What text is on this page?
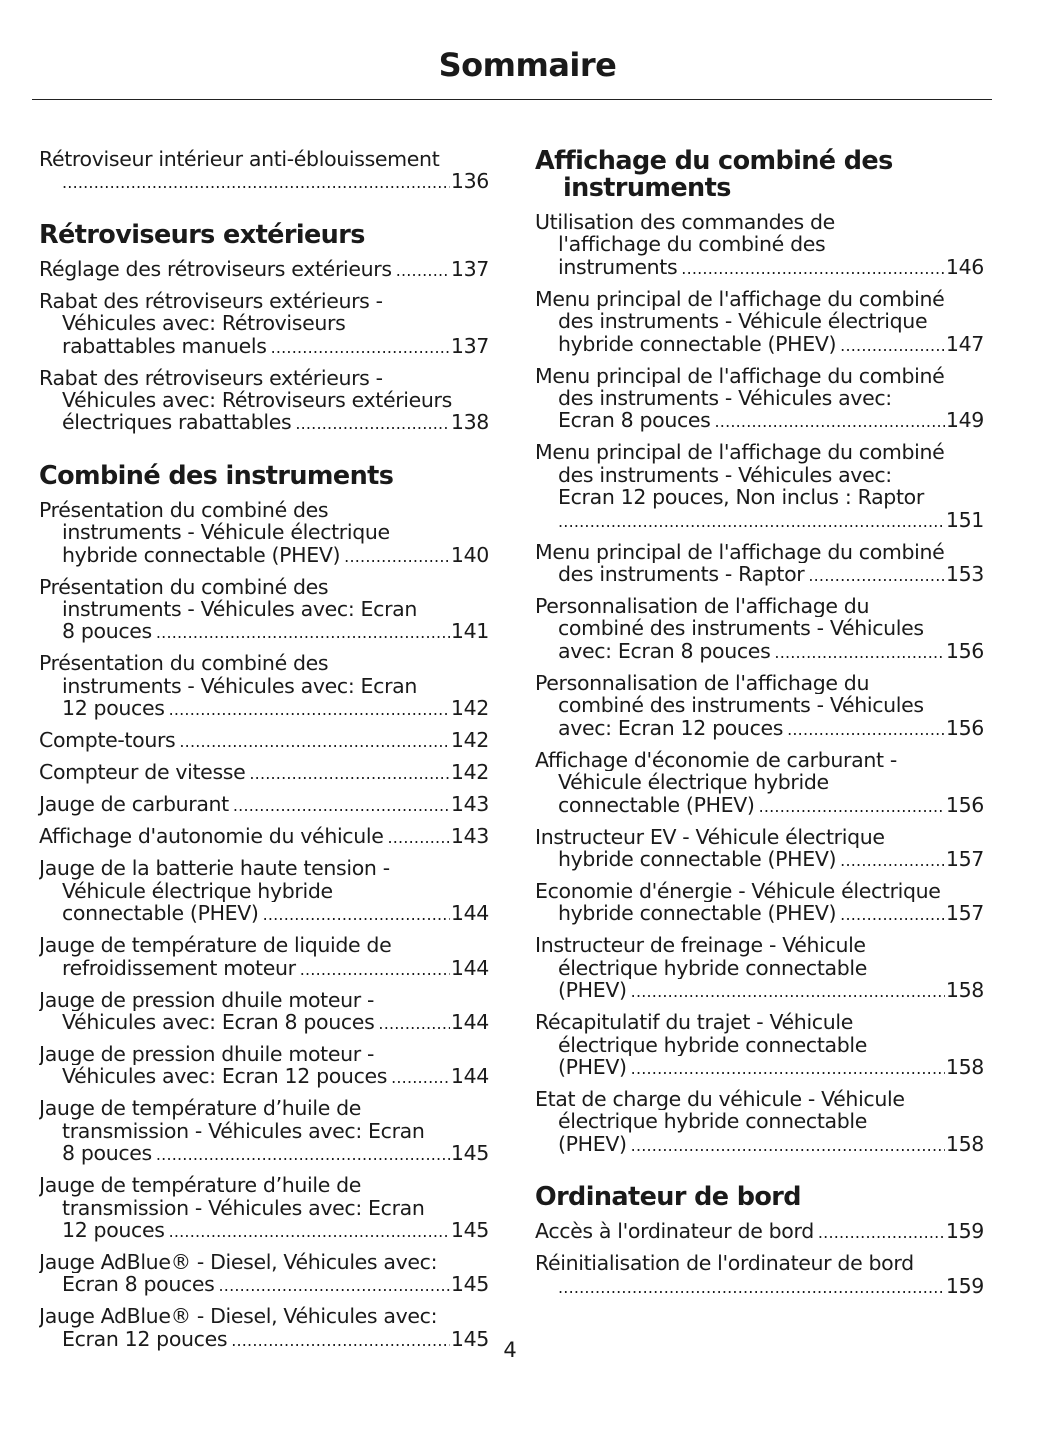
Sommaire
Rétroviseur intérieur anti-éblouissement
.....
136
Rétroviseurs extérieurs
Réglage des rétroviseurs extérieurs .....	137
Rabat des rétroviseurs extérieurs -
Véhicules avec: Rétroviseurs
rabattables manuels .....	137
Rabat des rétroviseurs extérieurs -
Véhicules avec: Rétroviseurs extérieurs
électriques rabattables .....	138
Combiné des instruments
Présentation du combiné des
instruments - Véhicule électrique
hybride connectable (PHEV) .....	140
Présentation du combiné des
instruments - Véhicules avec: Ecran
8 pouces .....	141
Présentation du combiné des
instruments - Véhicules avec: Ecran
12 pouces .....	142
Compte-tours .....	142
Compteur de vitesse .....	142
Jauge de carburant .....	143
Affichage d'autonomie du véhicule .....	143
Jauge de la batterie haute tension -
Véhicule électrique hybride
connectable (PHEV) .....	144
Jauge de température de liquide de
refroidissement moteur .....	144
Jauge de pression dhuile moteur -
Véhicules avec: Ecran 8 pouces .....	144
Jauge de pression dhuile moteur -
Véhicules avec: Ecran 12 pouces .....	144
Jauge de température d’huile de
transmission - Véhicules avec: Ecran
8 pouces .....	145
Jauge de température d’huile de
transmission - Véhicules avec: Ecran
12 pouces .....	145
Jauge AdBlue® - Diesel, Véhicules avec:
Ecran 8 pouces .....	145
Jauge AdBlue® - Diesel, Véhicules avec:
Ecran 12 pouces .....	145
Affichage du combiné des
instruments
Utilisation des commandes de
l'affichage du combiné des
instruments .....	146
Menu principal de l'affichage du combiné
des instruments - Véhicule électrique
hybride connectable (PHEV) .....	147
Menu principal de l'affichage du combiné
des instruments - Véhicules avec:
Ecran 8 pouces .....	149
Menu principal de l'affichage du combiné
des instruments - Véhicules avec:
Ecran 12 pouces, Non inclus : Raptor
.....
151
Menu principal de l'affichage du combiné
des instruments - Raptor .....	153
Personnalisation de l'affichage du
combiné des instruments - Véhicules
avec: Ecran 8 pouces .....	156
Personnalisation de l'affichage du
combiné des instruments - Véhicules
avec: Ecran 12 pouces .....	156
Affichage d'économie de carburant -
Véhicule électrique hybride
connectable (PHEV) .....	156
Instructeur EV - Véhicule électrique
hybride connectable (PHEV) .....	157
Economie d'énergie - Véhicule électrique
hybride connectable (PHEV) .....	157
Instructeur de freinage - Véhicule
électrique hybride connectable
(PHEV) .....	158
Récapitulatif du trajet - Véhicule
électrique hybride connectable
(PHEV) .....	158
Etat de charge du véhicule - Véhicule
électrique hybride connectable
(PHEV) .....	158
Ordinateur de bord
Accès à l'ordinateur de bord .....	159
Réinitialisation de l'ordinateur de bord
.....
159
4
